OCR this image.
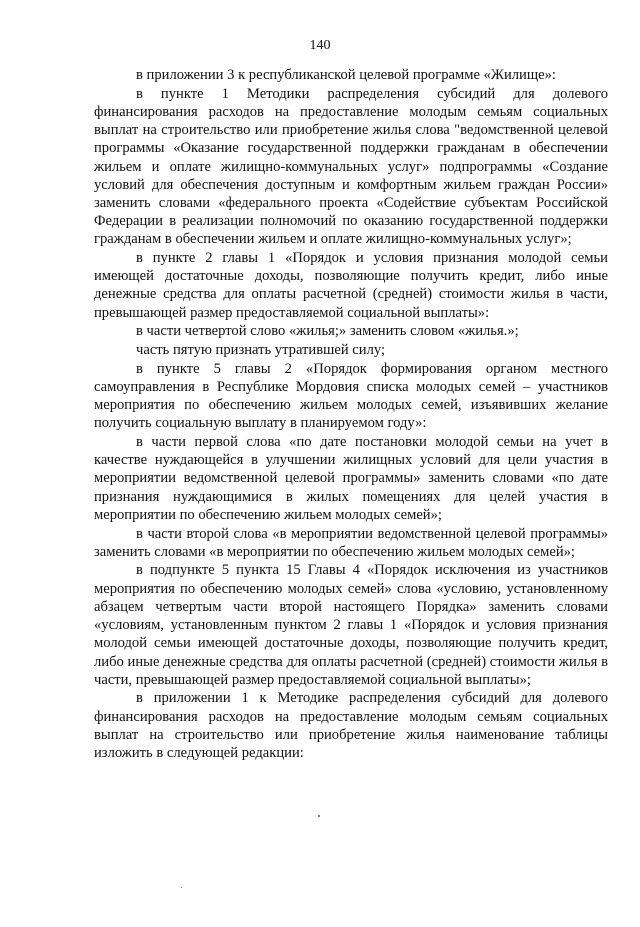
140

в приложении 3 к республиканской целевой программе «Жилище»:

в пункте 1 Методики распределения субсидий для долевого финансирования расходов на предоставление молодым семьям социальных выплат на строительство или приобретение жилья слова "ведомственной целевой программы «Оказание государственной поддержки гражданам в обеспечении жильем и оплате жилищно-коммунальных услуг» подпрограммы «Создание условий для обеспечения доступным и комфортным жильем граждан России» заменить словами «федерального проекта «Содействие субъектам Российской Федерации в реализации полномочий по оказанию государственной поддержки гражданам в обеспечении жильем и оплате жилищно-коммунальных услуг»;

в пункте 2 главы 1 «Порядок и условия признания молодой семьи имеющей достаточные доходы, позволяющие получить кредит, либо иные денежные средства для оплаты расчетной (средней) стоимости жилья в части, превышающей размер предоставляемой социальной выплаты»:

в части четвертой слово «жилья;» заменить словом «жилья.»;

часть пятую признать утратившей силу;

в пункте 5 главы 2 «Порядок формирования органом местного самоуправления в Республике Мордовия списка молодых семей – участников мероприятия по обеспечению жильем молодых семей, изъявивших желание получить социальную выплату в планируемом году»:

в части первой слова «по дате постановки молодой семьи на учет в качестве нуждающейся в улучшении жилищных условий для цели участия в мероприятии ведомственной целевой программы» заменить словами «по дате признания нуждающимися в жилых помещениях для целей участия в мероприятии по обеспечению жильем молодых семей»;

в части второй слова «в мероприятии ведомственной целевой программы» заменить словами «в мероприятии по обеспечению жильем молодых семей»;

в подпункте 5 пункта 15 Главы 4 «Порядок исключения из участников мероприятия по обеспечению молодых семей» слова «условию, установленному абзацем четвертым части второй настоящего Порядка» заменить словами «условиям, установленным пунктом 2 главы 1 «Порядок и условия признания молодой семьи имеющей достаточные доходы, позволяющие получить кредит, либо иные денежные средства для оплаты расчетной (средней) стоимости жилья в части, превышающей размер предоставляемой социальной выплаты»;

в приложении 1 к Методике распределения субсидий для долевого финансирования расходов на предоставление молодым семьям социальных выплат на строительство или приобретение жилья наименование таблицы изложить в следующей редакции:
